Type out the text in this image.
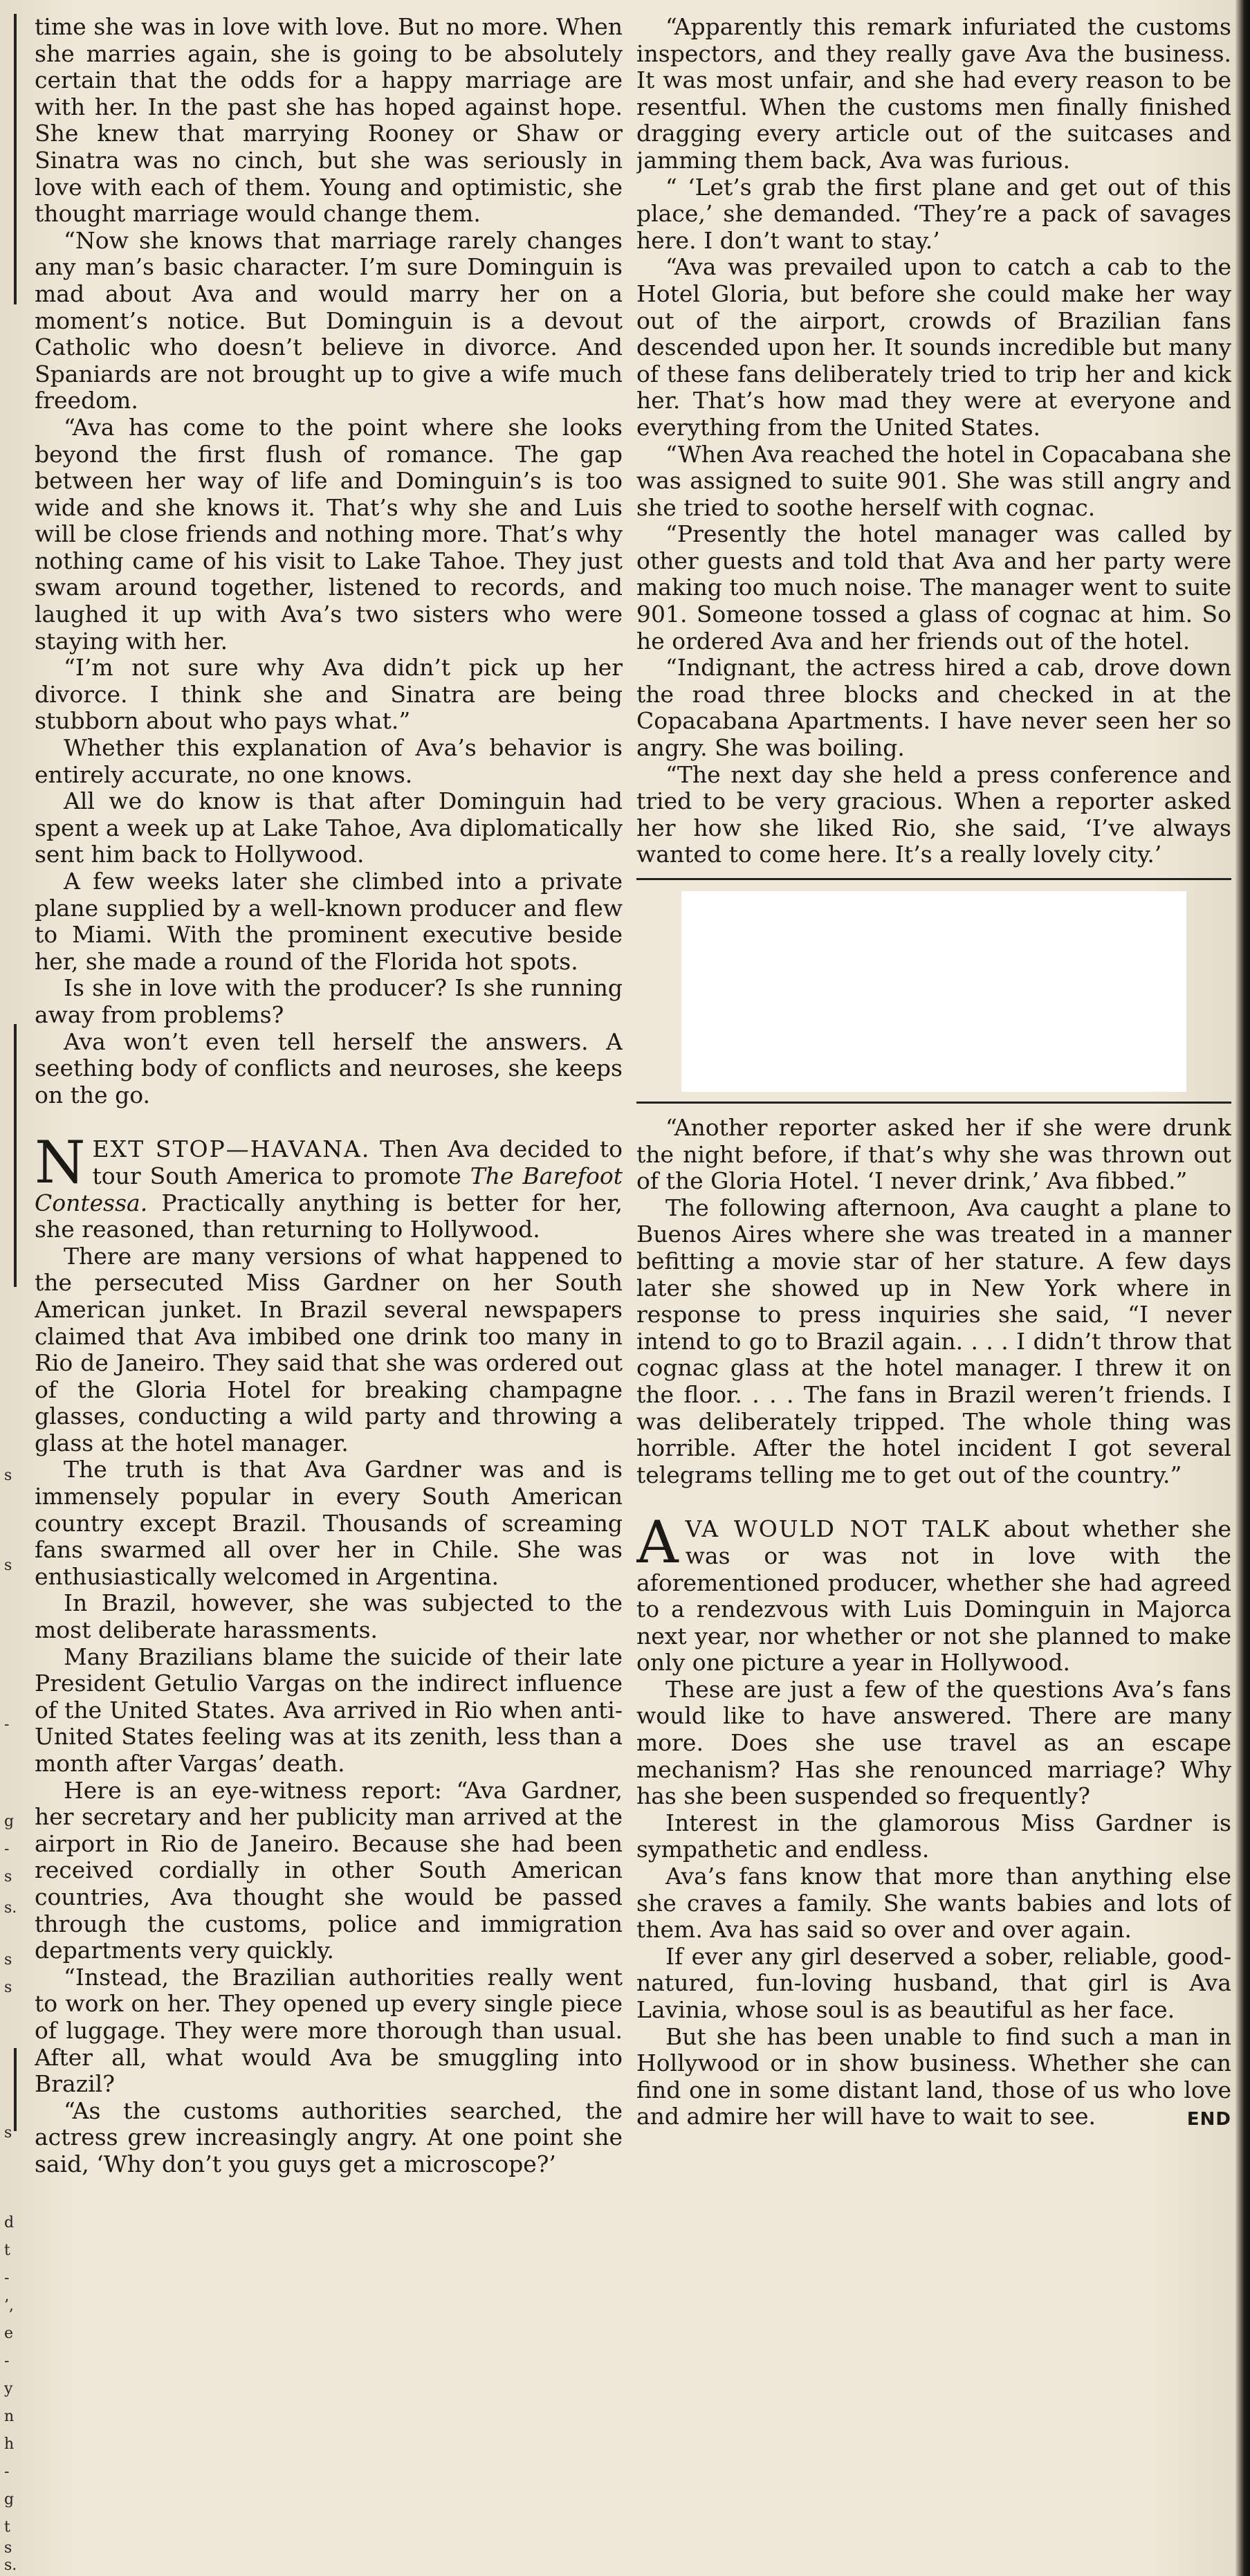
s
s
-
g
-
s
s.
s
s
s
d
t
-
’,
e
-
y
n
h
-
g
t
s
s.

time she was in love with love. But no more. When she marries again, she is going to be absolutely certain that the odds for a happy marriage are with her. In the past she has hoped against hope. She knew that marrying Rooney or Shaw or Sinatra was no cinch, but she was seriously in love with each of them. Young and optimistic, she thought marriage would change them.

“Now she knows that marriage rarely changes any man’s basic character. I’m sure Dominguin is mad about Ava and would marry her on a moment’s notice. But Dominguin is a devout Catholic who doesn’t believe in divorce. And Spaniards are not brought up to give a wife much freedom.

“Ava has come to the point where she looks beyond the first flush of romance. The gap between her way of life and Dominguin’s is too wide and she knows it. That’s why she and Luis will be close friends and nothing more. That’s why nothing came of his visit to Lake Tahoe. They just swam around together, listened to records, and laughed it up with Ava’s two sisters who were staying with her.

“I’m not sure why Ava didn’t pick up her divorce. I think she and Sinatra are being stubborn about who pays what.”

Whether this explanation of Ava’s behavior is entirely accurate, no one knows.

All we do know is that after Dominguin had spent a week up at Lake Tahoe, Ava diplomatically sent him back to Hollywood.

A few weeks later she climbed into a private plane supplied by a well-known producer and flew to Miami. With the prominent executive beside her, she made a round of the Florida hot spots.

Is she in love with the producer? Is she running away from problems?

Ava won’t even tell herself the answers. A seething body of conflicts and neuroses, she keeps on the go.

NEXT STOP—HAVANA. Then Ava decided to tour South America to promote The Barefoot Contessa. Practically anything is better for her, she reasoned, than returning to Hollywood.

There are many versions of what happened to the persecuted Miss Gardner on her South American junket. In Brazil several newspapers claimed that Ava imbibed one drink too many in Rio de Janeiro. They said that she was ordered out of the Gloria Hotel for breaking champagne glasses, conducting a wild party and throwing a glass at the hotel manager.

The truth is that Ava Gardner was and is immensely popular in every South American country except Brazil. Thousands of screaming fans swarmed all over her in Chile. She was enthusiastically welcomed in Argentina.

In Brazil, however, she was subjected to the most deliberate harassments.

Many Brazilians blame the suicide of their late President Getulio Vargas on the indirect influence of the United States. Ava arrived in Rio when anti-United States feeling was at its zenith, less than a month after Vargas’ death.

Here is an eye-witness report: “Ava Gardner, her secretary and her publicity man arrived at the airport in Rio de Janeiro. Because she had been received cordially in other South American countries, Ava thought she would be passed through the customs, police and immigration departments very quickly.

“Instead, the Brazilian authorities really went to work on her. They opened up every single piece of luggage. They were more thorough than usual. After all, what would Ava be smuggling into Brazil?

“As the customs authorities searched, the actress grew increasingly angry. At one point she said, ‘Why don’t you guys get a microscope?’

“Apparently this remark infuriated the customs inspectors, and they really gave Ava the business. It was most unfair, and she had every reason to be resentful. When the customs men finally finished dragging every article out of the suitcases and jamming them back, Ava was furious.

“ ‘Let’s grab the first plane and get out of this place,’ she demanded. ‘They’re a pack of savages here. I don’t want to stay.’

“Ava was prevailed upon to catch a cab to the Hotel Gloria, but before she could make her way out of the airport, crowds of Brazilian fans descended upon her. It sounds incredible but many of these fans deliberately tried to trip her and kick her. That’s how mad they were at everyone and everything from the United States.

“When Ava reached the hotel in Copacabana she was assigned to suite 901. She was still angry and she tried to soothe herself with cognac.

“Presently the hotel manager was called by other guests and told that Ava and her party were making too much noise. The manager went to suite 901. Someone tossed a glass of cognac at him. So he ordered Ava and her friends out of the hotel.

“Indignant, the actress hired a cab, drove down the road three blocks and checked in at the Copacabana Apartments. I have never seen her so angry. She was boiling.

“The next day she held a press conference and tried to be very gracious. When a reporter asked her how she liked Rio, she said, ‘I’ve always wanted to come here. It’s a really lovely city.’

“Another reporter asked her if she were drunk the night before, if that’s why she was thrown out of the Gloria Hotel. ‘I never drink,’ Ava fibbed.”

The following afternoon, Ava caught a plane to Buenos Aires where she was treated in a manner befitting a movie star of her stature. A few days later she showed up in New York where in response to press inquiries she said, “I never intend to go to Brazil again. . . . I didn’t throw that cognac glass at the hotel manager. I threw it on the floor. . . . The fans in Brazil weren’t friends. I was deliberately tripped. The whole thing was horrible. After the hotel incident I got several telegrams telling me to get out of the country.”

AVA WOULD NOT TALK about whether she was or was not in love with the aforementioned producer, whether she had agreed to a rendezvous with Luis Dominguin in Majorca next year, nor whether or not she planned to make only one picture a year in Hollywood.

These are just a few of the questions Ava’s fans would like to have answered. There are many more. Does she use travel as an escape mechanism? Has she renounced marriage? Why has she been suspended so frequently?

Interest in the glamorous Miss Gardner is sympathetic and endless.

Ava’s fans know that more than anything else she craves a family. She wants babies and lots of them. Ava has said so over and over again.

If ever any girl deserved a sober, reliable, good-natured, fun-loving husband, that girl is Ava Lavinia, whose soul is as beautiful as her face.

But she has been unable to find such a man in Hollywood or in show business. Whether she can find one in some distant land, those of us who love and admire her will have to wait to see.	END
